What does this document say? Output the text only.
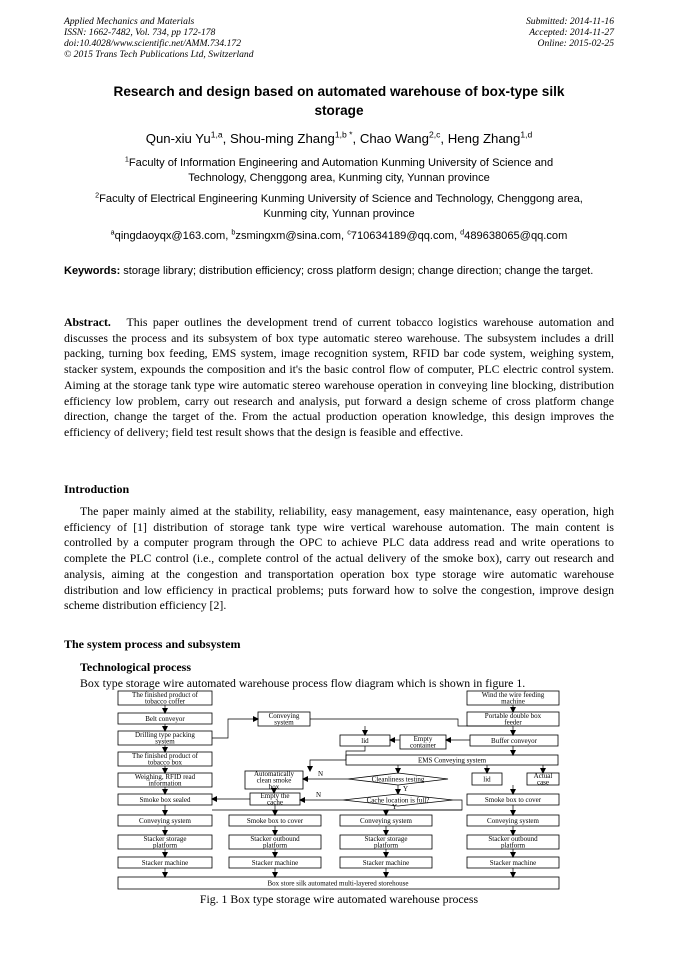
Applied Mechanics and Materials
ISSN: 1662-7482, Vol. 734, pp 172-178
doi:10.4028/www.scientific.net/AMM.734.172
© 2015 Trans Tech Publications Ltd, Switzerland
Submitted: 2014-11-16
Accepted: 2014-11-27
Online: 2015-02-25
Research and design based on automated warehouse of box-type silk
storage
Qun-xiu Yu$^{1,a}$, Shou-ming Zhang$^{1,b *}$, Chao Wang$^{2,c}$, Heng Zhang$^{1,d}$
$^1$Faculty of Information Engineering and Automation Kunming University of Science and
Technology, Chenggong area, Kunming city, Yunnan province
$^2$Faculty of Electrical Engineering Kunming University of Science and Technology, Chenggong area,
Kunming city, Yunnan province
$^a$qingdaoyqx@163.com, $^b$zsmingxm@sina.com, $^c$710634189@qq.com, $^d$489638065@qq.com
Keywords: storage library; distribution efficiency; cross platform design; change direction; change the target.
Abstract. This paper outlines the development trend of current tobacco logistics warehouse automation and discusses the process and its subsystem of box type automatic stereo warehouse. The subsystem includes a drill packing, turning box feeding, EMS system, image recognition system, RFID bar code system, weighing system, stacker system, expounds the composition and it's the basic control flow of computer, PLC electric control system. Aiming at the storage tank type wire automatic stereo warehouse operation in conveying line blocking, distribution efficiency low problem, carry out research and analysis, put forward a design scheme of cross platform change direction, change the target of the. From the actual production operation knowledge, this design improves the efficiency of delivery; field test result shows that the design is feasible and effective.
Introduction
The paper mainly aimed at the stability, reliability, easy management, easy maintenance, easy operation, high efficiency of [1] distribution of storage tank type wire vertical warehouse automation. The main content is controlled by a computer program through the OPC to achieve PLC data address read and write operations to complete the PLC control (i.e., complete control of the actual delivery of the smoke box), carry out research and analysis, aiming at the congestion and transportation operation box type storage wire automatic warehouse distribution and low efficiency in practical problems; puts forward how to solve the congestion, improve design scheme distribution efficiency [2].
The system process and subsystem
Technological process
Box type storage wire automated warehouse process flow diagram which is shown in figure 1.
The finished product of tobacco coffer
Belt conveyor
Drilling type packing system
The finished product of tobacco box
Weighing, RFID read information
Smoke box sealed
Conveying system
lid	Empty container
Buffer conveyor
EMS Conveying system
Automatically clean smoke box
Cleanliness testing
Empty the cache	Cache location is full?
Wind the wire feeding machine
Portable double box feeder
lid	Actual case
Smoke box to cover
Smoke box to cover
Conveying system	Conveying system	Conveying system
Stacker storage platform
Stacker outbound platform
Stacker storage platform
Stacker outbound platform
Stacker machine	Stacker machine	Stacker machine	Stacker machine
Box store silk automated multi-layered storehouse
N
Y
N
Y
Fig. 1 Box type storage wire automated warehouse process
